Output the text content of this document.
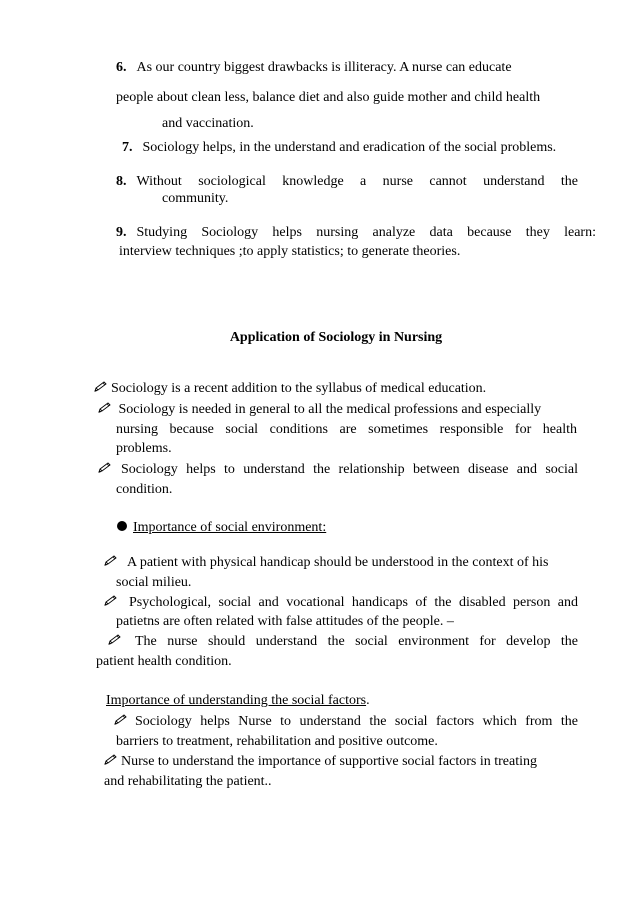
6. As our country biggest drawbacks is illiteracy. A nurse can educate
people about clean less, balance diet and also guide mother and child health
and vaccination.
7. Sociology helps, in the understand and eradication of the social problems.
8. Without sociological knowledge a nurse cannot understand the
community.
9. Studying Sociology helps nursing analyze data because they learn:
interview techniques ;to apply statistics; to generate theories.
Application of Sociology in Nursing
Sociology is a recent addition to the syllabus of medical education.
Sociology is needed in general to all the medical professions and especially
nursing because social conditions are sometimes responsible for health
problems.
Sociology helps to understand the relationship between disease and social
condition.
Importance of social environment:
A patient with physical handicap should be understood in the context of his
social milieu.
Psychological, social and vocational handicaps of the disabled person and
patietns are often related with false attitudes of the people. –
The nurse should understand the social environment for develop the
patient health condition.
Importance of understanding the social factors.
Sociology helps Nurse to understand the social factors which from the
barriers to treatment, rehabilitation and positive outcome.
Nurse to understand the importance of supportive social factors in treating
and rehabilitating the patient..
